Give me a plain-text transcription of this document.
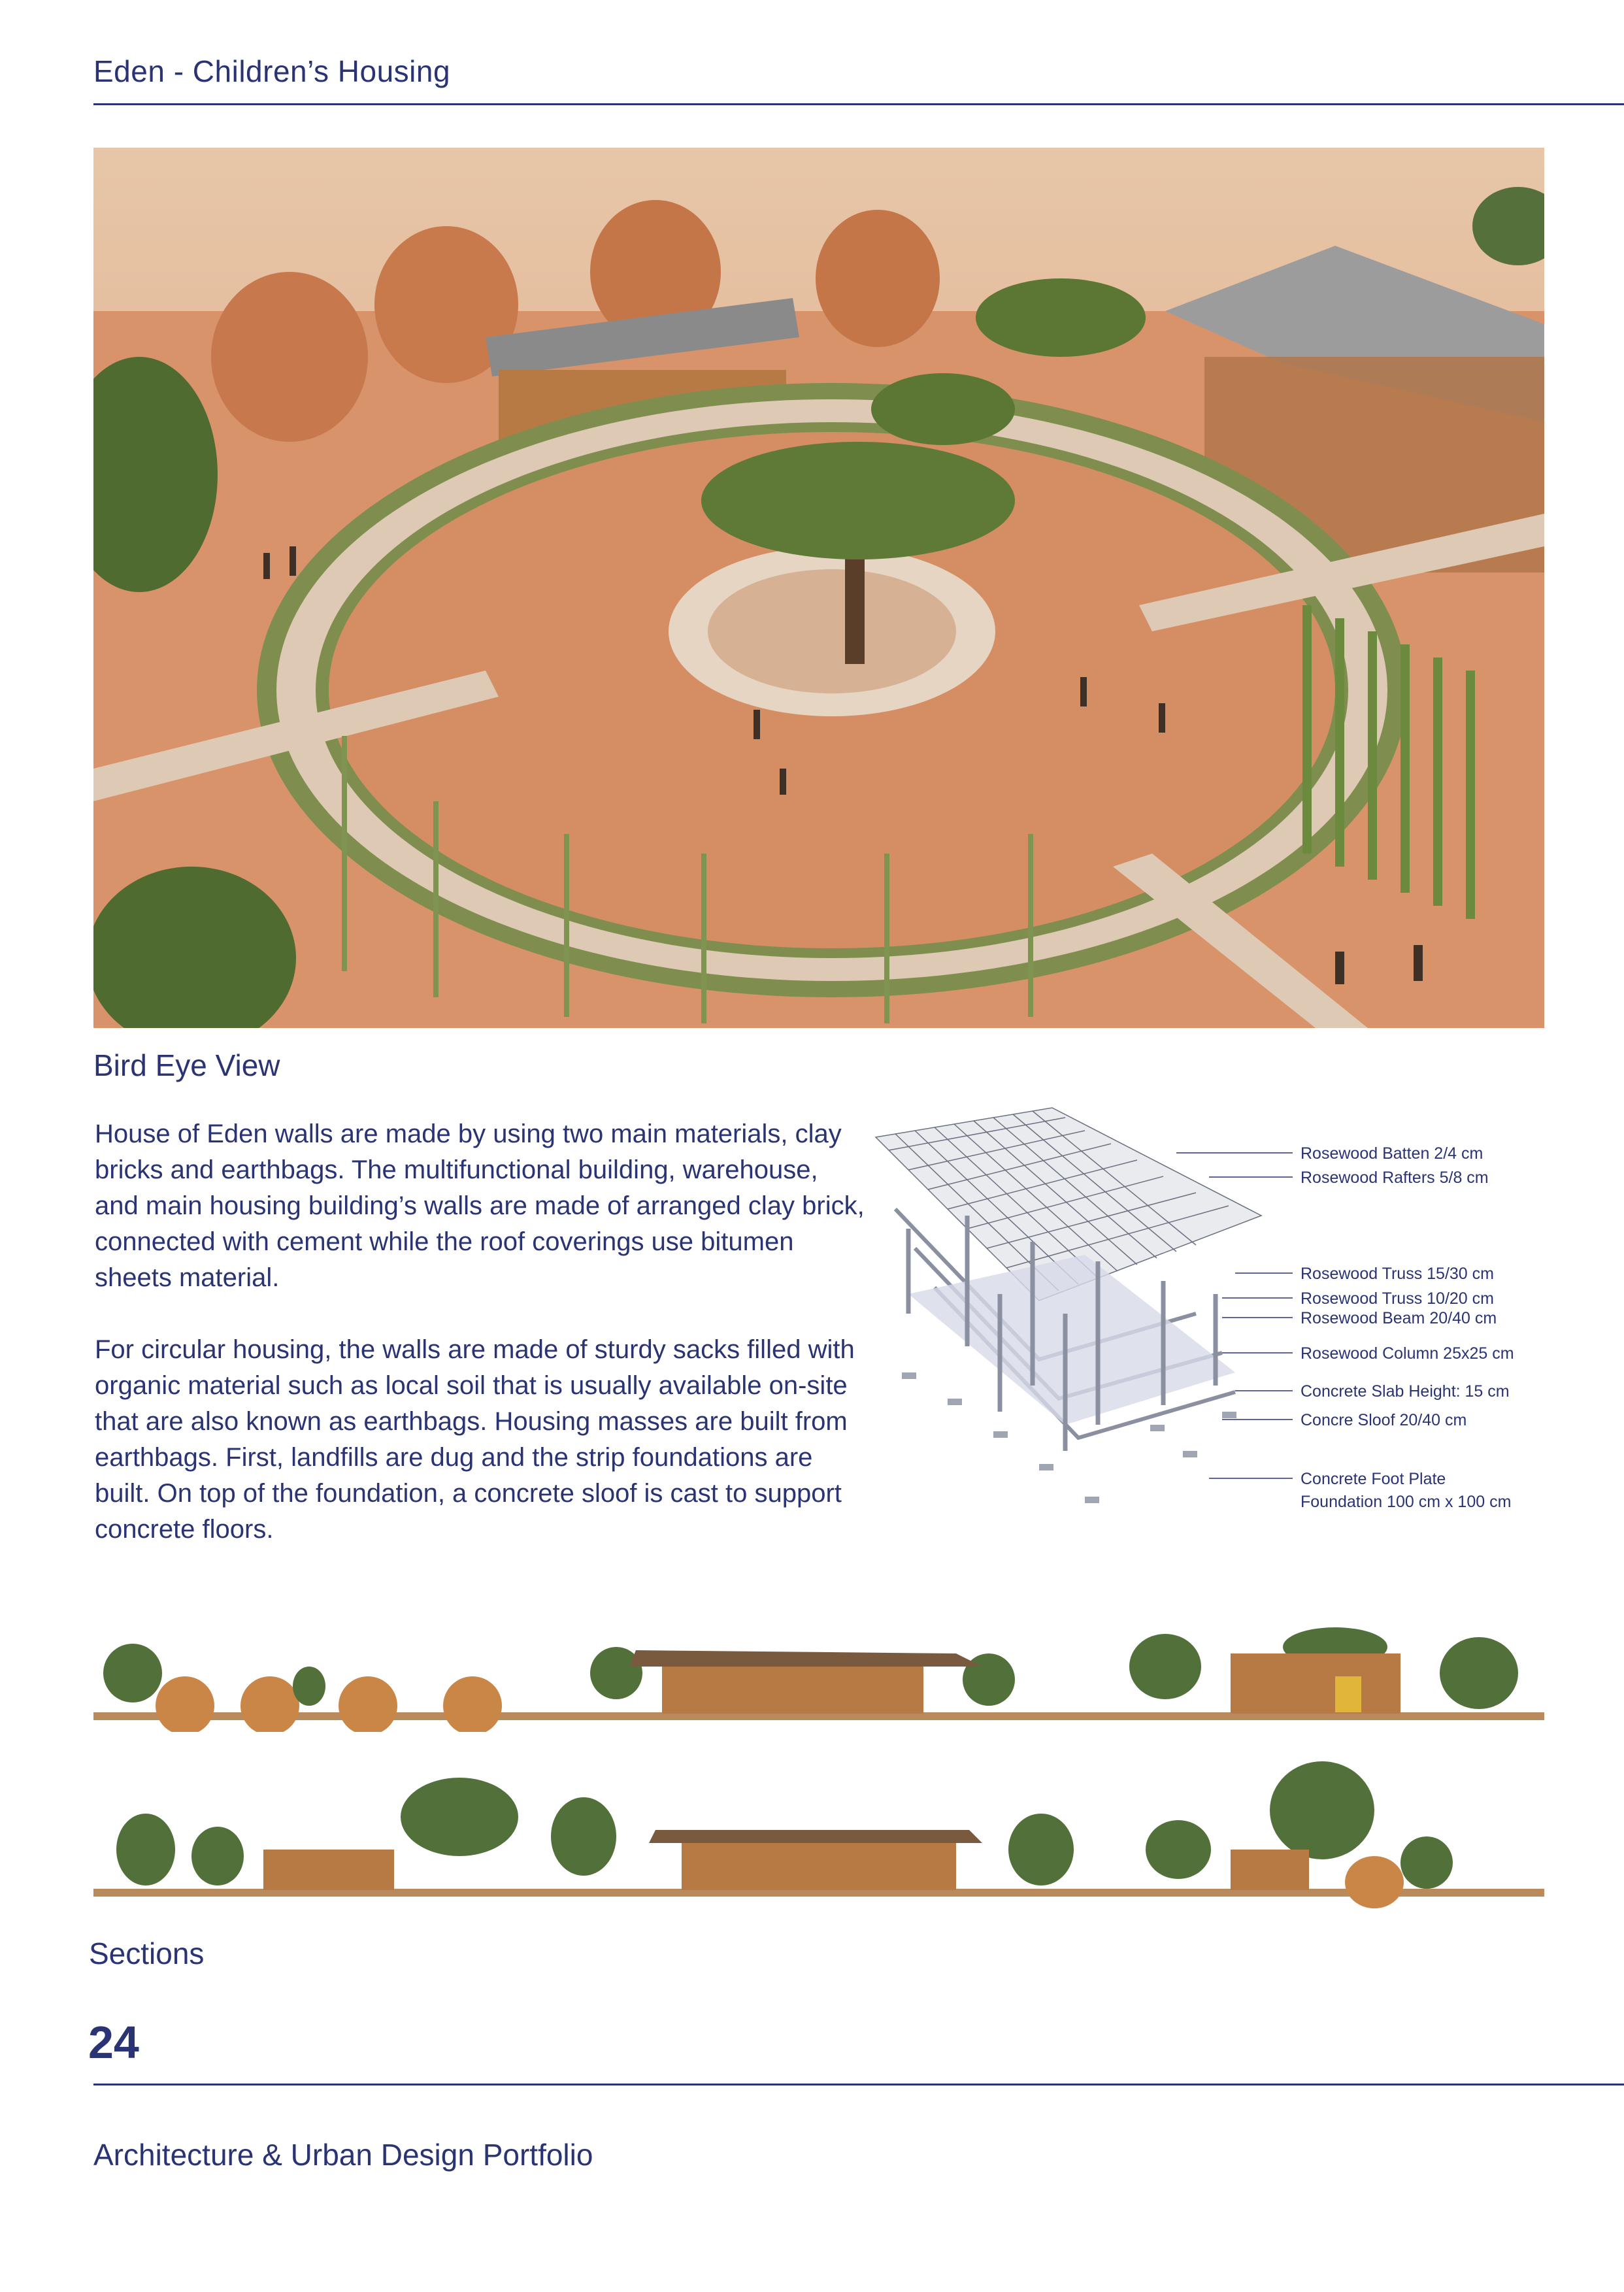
Eden - Children’s Housing
Bird Eye View

House of Eden walls are made by using two main materials, clay bricks and earthbags. The multifunctional building, warehouse, and main housing building’s walls are made of arranged clay brick, connected with cement while the roof coverings use bitumen sheets material.

For circular housing, the walls are made of sturdy sacks filled with organic material such as local soil that is usually available on-site that are also known as earthbags. Housing masses are built from earthbags. First, landfills are dug and the strip foundations are built. On top of the foundation, a concrete sloof is cast to support concrete floors.

Rosewood Batten 2/4 cm
Rosewood Rafters 5/8 cm
Rosewood Truss 15/30 cm
Rosewood Truss 10/20 cm
Rosewood Beam 20/40 cm
Rosewood Column 25x25 cm
Concrete Slab Height: 15 cm
Concre Sloof 20/40 cm
Concrete Foot Plate
Foundation 100 cm x 100 cm
Sections
24
Architecture & Urban Design Portfolio
